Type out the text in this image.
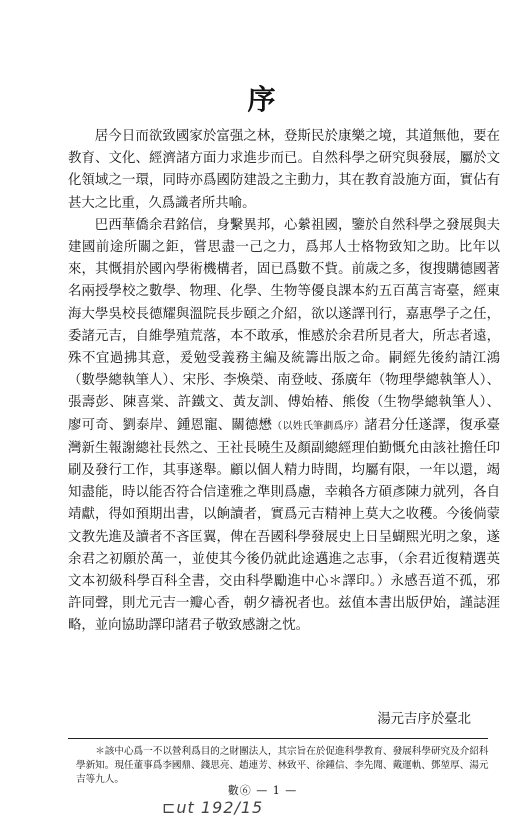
序

居今日而欲致國家於富强之林，登斯民於康樂之境，其道無他，要在教育、文化、經濟諸方面力求進步而已。自然科學之研究與發展，屬於文化領域之一環，同時亦爲國防建設之主動力，其在教育設施方面，實佔有甚大之比重，久爲識者所共喻。

巴西華僑余君銘信，身繫異邦，心縈祖國，鑒於自然科學之發展與夫建國前途所關之鉅，嘗思盡一己之力，爲邦人士格物致知之助。比年以來，其慨捐於國內學術機構者，固已爲數不貲。前歲之多，復搜購德國著名兩授學校之數學、物理、化學、生物等優良課本約五百萬言寄臺，經東海大學吳校長德耀與溫院長步頤之介紹，欲以遂譯刊行，嘉惠學子之任，委諸元吉，自維學殖荒落，本不敢承，惟感於余君所見者大，所志者遠，殊不宜過拂其意，爰勉受義務主編及統籌出版之命。嗣經先後約請江鴻（數學總執筆人）、宋彤、李煥榮、南登岐、孫廣年（物理學總執筆人）、張壽彭、陳喜棠、許鐵文、黃友訓、傅始椿、熊俊（生物學總執筆人）、廖可奇、劉泰岸、鍾恩寵、關德懋（以姓氏筆劃爲序）諸君分任遂譯，復承臺灣新生報謝總社長然之、王社長曉生及顏副總經理伯勤慨允由該社擔任印刷及發行工作，其事遂舉。顧以個人精力時間，均屬有限，一年以還，竭知盡能，時以能否符合信達雅之準則爲慮，幸賴各方碩彥陳力就列，各自靖獻，得如預期出書，以餉讀者，實爲元吉精神上莫大之收穫。今後倘蒙文教先進及讀者不吝匡翼，俾在吾國科學發展史上日呈蝴熙光明之象，遂余君之初願於萬一，並使其今後仍就此途邁進之志事，（余君近復精選英文本初級科學百科全書，交由科學勵進中心＊譯印。）永感吾道不孤，邪許同聲，則尤元吉一瓣心香，朝夕禱祝者也。兹值本書出版伊始，謹誌涯略，並向協助譯印諸君子敬致感謝之忱。

湯元吉序於臺北

＊該中心爲一不以營利爲目的之財團法人，其宗旨在於促進科學教育、發展科學研究及介紹科學新知。現任董事爲李國鼎、錢思亮、趙連芳、林致平、徐鍾信、李先聞、戴運軌、鄧堃厚、湯元吉等九人。

數⑥ — 1 —
⊏ut 192/15
